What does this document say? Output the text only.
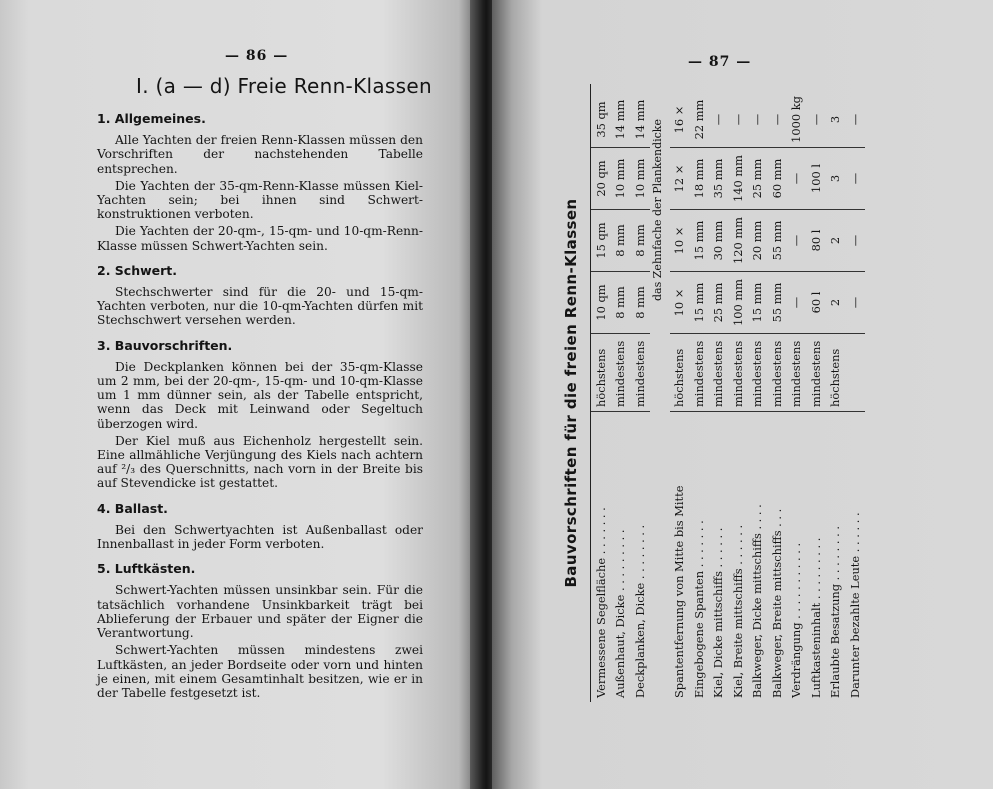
— 86 —
I. (a — d) Freie Renn-Klassen
1. Allgemeines.

Alle Yachten der freien Renn-Klassen müssen den Vorschriften der nachstehenden Tabelle entsprechen.

Die Yachten der 35-qm-Renn-Klasse müssen Kiel-Yachten sein; bei ihnen sind Schwert-konstruktionen verboten.

Die Yachten der 20-qm-, 15-qm- und 10-qm-Renn-Klasse müssen Schwert-Yachten sein.

2. Schwert.

Stechschwerter sind für die 20- und 15-qm-Yachten verboten, nur die 10-qm-Yachten dürfen mit Stechschwert versehen werden.

3. Bauvorschriften.

Die Deckplanken können bei der 35-qm-Klasse um 2 mm, bei der 20-qm-, 15-qm- und 10-qm-Klasse um 1 mm dünner sein, als der Tabelle entspricht, wenn das Deck mit Leinwand oder Segeltuch überzogen wird.

Der Kiel muß aus Eichenholz hergestellt sein. Eine allmähliche Verjüngung des Kiels nach achtern auf ²/₃ des Querschnitts, nach vorn in der Breite bis auf Stevendicke ist gestattet.

4. Ballast.

Bei den Schwertyachten ist Außenballast oder Innenballast in jeder Form verboten.

5. Luftkästen.

Schwert-Yachten müssen unsinkbar sein. Für die tatsächlich vorhandene Unsinkbarkeit trägt bei Ablieferung der Erbauer und später der Eigner die Verantwortung.

Schwert-Yachten müssen mindestens zwei Luftkästen, an jeder Bordseite oder vorn und hinten je einen, mit einem Gesamtinhalt besitzen, wie er in der Tabelle festgesetzt ist.

— 87 —
Bauvorschriften für die freien Renn-Klassen
Vermessene Segelfläche . . . . . . .
höchstens
10 qm
15 qm
20 qm
35 qm
Außenhaut, Dicke . . . . . . . . .
mindestens
8 mm
8 mm
10 mm
14 mm
Deckplanken, Dicke . . . . . . . .
mindestens
8 mm
8 mm
10 mm
14 mm das Zehnfache der Plankendicke
Spantentfernung von Mitte bis Mitte
höchstens
10 ×
10 ×
12 ×
16 ×
Eingebogene Spanten . . . . . . .
mindestens
15 mm
15 mm
18 mm
22 mm
Kiel, Dicke mittschiffs . . . . . .
mindestens
25 mm
30 mm
35 mm
—
Kiel, Breite mittschiffs . . . . . .
mindestens
100 mm
120 mm
140 mm
—
Balkweger, Dicke mittschiffs . . . .
mindestens
15 mm
20 mm
25 mm
—
Balkweger, Breite mittschiffs . . .
mindestens
55 mm
55 mm
60 mm
—
Verdrängung . . . . . . . . . . .
mindestens
—
—
—
1000 kg
Luftkasteninhalt . . . . . . . . .
mindestens
60 l
80 l
100 l
—
Erlaubte Besatzung . . . . . . . .
höchstens
2
2
3
3
Darunter bezahlte Leute . . . . . .
—
—
—
—
